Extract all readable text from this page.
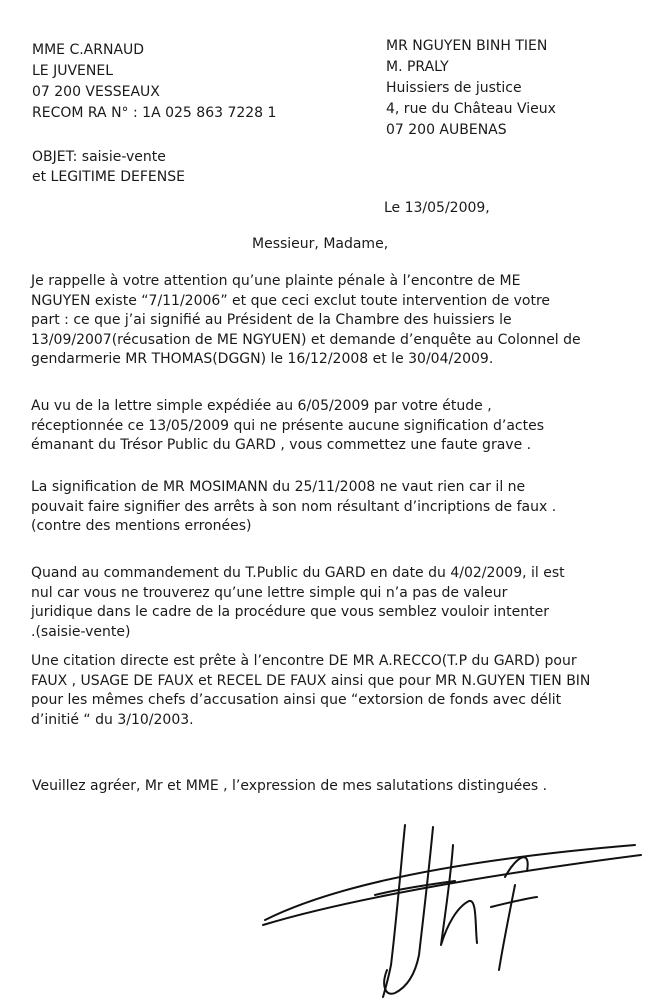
MME C.ARNAUD
LE JUVENEL
07 200 VESSEAUX
RECOM RA N° : 1A 025 863 7228 1
MR NGUYEN BINH TIEN
M. PRALY
Huissiers de justice
4, rue du Château Vieux
07 200 AUBENAS
OBJET: saisie-vente
et LEGITIME DEFENSE
Le 13/05/2009,
Messieur, Madame,
Je rappelle à votre attention qu’une plainte pénale à l’encontre de ME
NGUYEN existe “7/11/2006” et que ceci exclut toute intervention de votre
part : ce que j’ai signifié au Président de la Chambre des huissiers le
13/09/2007(récusation de ME NGYUEN) et demande d’enquête au Colonnel de
gendarmerie MR THOMAS(DGGN) le 16/12/2008 et le 30/04/2009.
Au vu de la lettre simple expédiée au 6/05/2009 par votre étude ,
réceptionnée ce 13/05/2009 qui ne présente aucune signification d’actes
émanant du Trésor Public du GARD , vous commettez une faute grave .
La signification de MR MOSIMANN du 25/11/2008 ne vaut rien car il ne
pouvait faire signifier des arrêts à son nom résultant d’incriptions de faux .
(contre des mentions erronées)
Quand au commandement du T.Public du GARD en date du 4/02/2009, il est
nul car vous ne trouverez qu’une lettre simple qui n’a pas de valeur
juridique dans le cadre de la procédure que vous semblez vouloir intenter
.(saisie-vente)
Une citation directe est prête à l’encontre DE MR A.RECCO(T.P du GARD) pour
FAUX , USAGE DE FAUX et RECEL DE FAUX ainsi que pour MR N.GUYEN TIEN BIN
pour les mêmes chefs d’accusation ainsi que “extorsion de fonds avec délit
d’initié “ du 3/10/2003.
Veuillez agréer, Mr et MME , l’expression de mes salutations distinguées .
